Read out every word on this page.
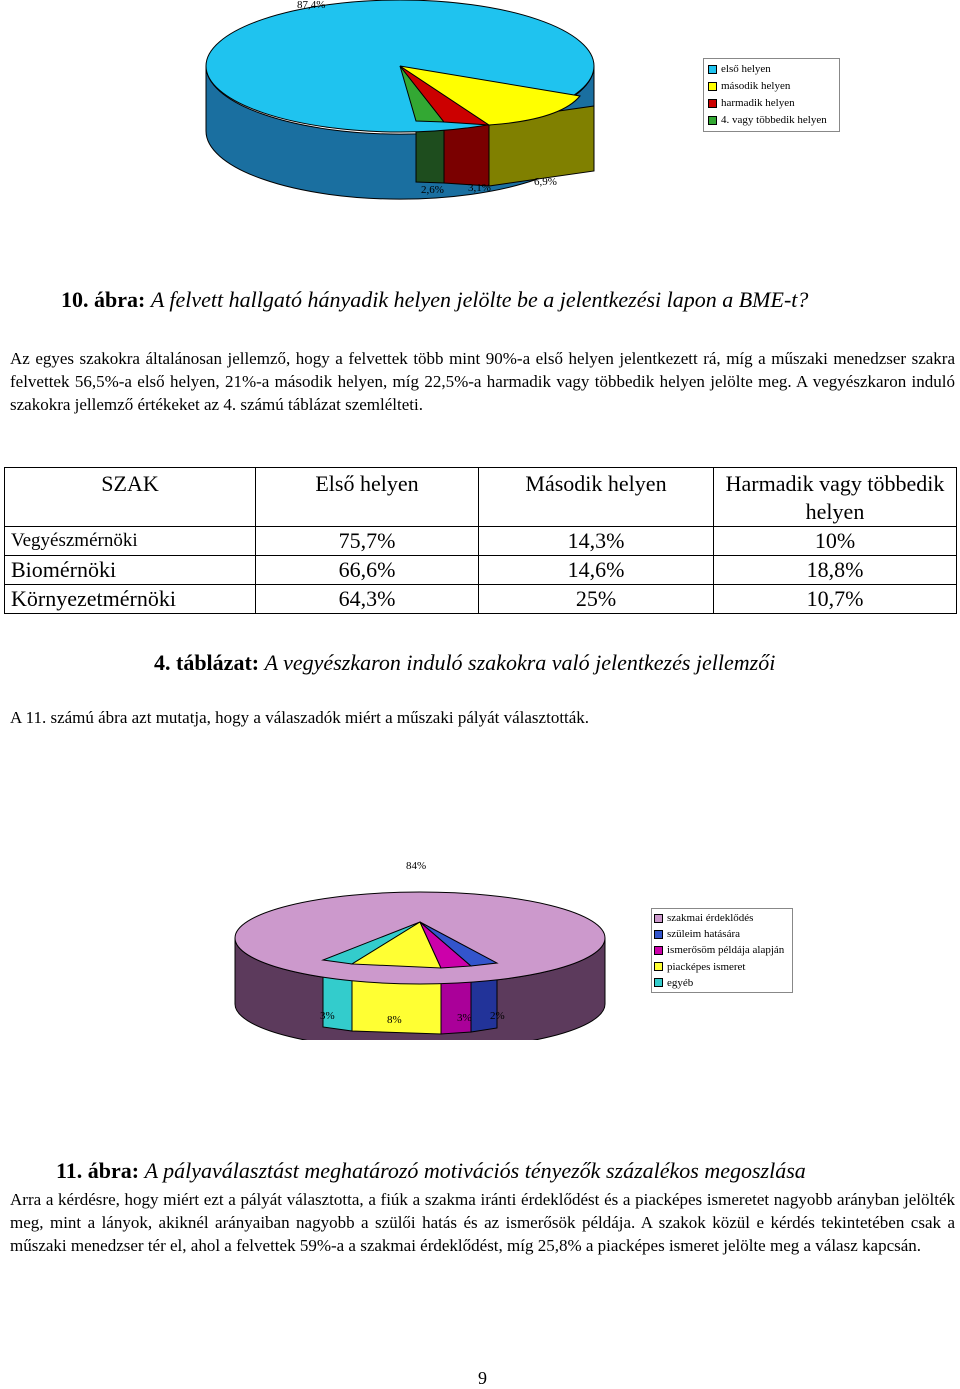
87,4%
2,6% 3,1%	6,9%
első helyen
második helyen
harmadik helyen
4. vagy többedik helyen
10. ábra: A felvett hallgató hányadik helyen jelölte be a jelentkezési lapon a BME-t?
Az egyes szakokra általánosan jellemző, hogy a felvettek több mint 90%-a első helyen jelentkezett rá, míg a műszaki menedzser szakra felvettek 56,5%-a első helyen, 21%-a második helyen, míg 22,5%-a harmadik vagy többedik helyen jelölte meg. A vegyészkaron induló szakokra jellemző értékeket az 4. számú táblázat szemlélteti.
SZAK	Első helyen	Második helyen	Harmadik vagy többedik helyen
Vegyészmérnöki	75,7%	14,3%	10%
Biomérnöki	66,6%	14,6%	18,8%
Környezetmérnöki	64,3%	25%	10,7%
4. táblázat: A vegyészkaron induló szakokra való jelentkezés jellemzői
A 11. számú ábra azt mutatja, hogy a válaszadók miért a műszaki pályát választották.
84%
3%	8%	3% 2%
szakmai érdeklődés
szüleim hatására
ismerősöm példája alapján
piacképes ismeret
egyéb
11. ábra: A pályaválasztást meghatározó motivációs tényezők százalékos megoszlása
Arra a kérdésre, hogy miért ezt a pályát választotta, a fiúk a szakma iránti érdeklődést és a piacképes ismeretet nagyobb arányban jelölték meg, mint a lányok, akiknél arányaiban nagyobb a szülői hatás és az ismerősök példája. A szakok közül e kérdés tekintetében csak a műszaki menedzser tér el, ahol a felvettek 59%-a a szakmai érdeklődést, míg 25,8% a piacképes ismeret jelölte meg a válasz kapcsán.
9
